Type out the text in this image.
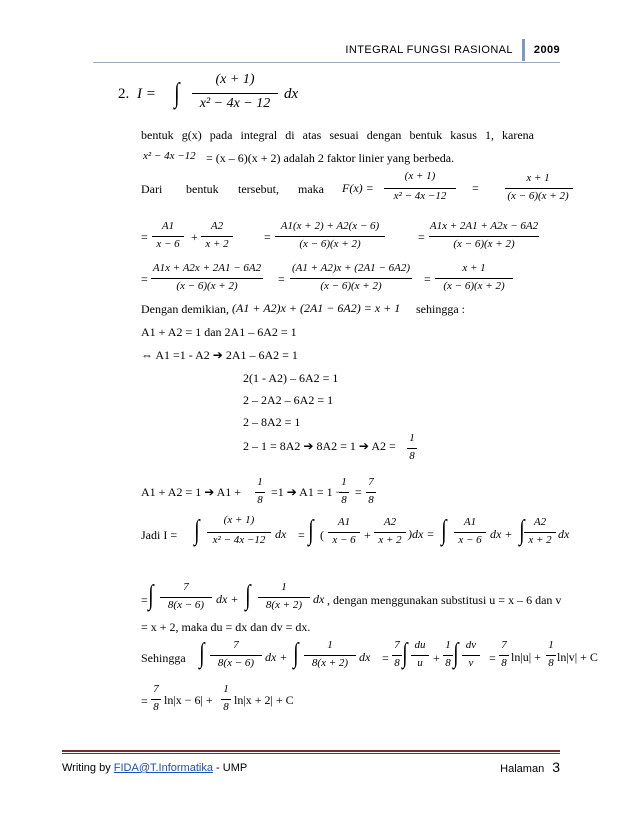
INTEGRAL FUNGSI RASIONAL 2009
2. I = ∫	(x + 1)
x² − 4x − 12
dx
bentuk g(x) pada integral di atas sesuai dengan bentuk kasus 1, karena
x² − 4x −12 = (x – 6)(x + 2) adalah 2 faktor linier yang berbeda.
Dari bentuk tersebut, maka F(x) =
(x + 1)
x² − 4x −12
=
x + 1
(x − 6)(x + 2)
=
A1
x − 6 +
A2
x + 2	=
A1(x + 2) + A2(x − 6)
(x − 6)(x + 2)	=
A1x + 2A1 + A2x − 6A2
(x − 6)(x + 2)
=
A1x + A2x + 2A1 − 6A2
(x − 6)(x + 2)	=
(A1 + A2)x + (2A1 − 6A2)
(x − 6)(x + 2)	=
x + 1
(x − 6)(x + 2)
Dengan demikian, (A1 + A2)x + (2A1 − 6A2) = x + 1 sehingga :
A1 + A2 = 1 dan 2A1 – 6A2 = 1
⇔ A1 =1 - A2 ➔ 2A1 – 6A2 = 1
2(1 - A2) – 6A2 = 1
2 – 2A2 – 6A2 = 1
2 – 8A2 = 1
2 – 1 = 8A2 ➔ 8A2 = 1 ➔ A2 =
1
8
A1 + A2 = 1 ➔ A1 +
1
8
=1 ➔ A1 = 1 −
1
8
=
7
8
Jadi I = ∫	(x + 1)
x² − 4x −12 dx = ∫ (
A1
x − 6 +
A2
x + 2 )dx = ∫	A1
x − 6 dx + ∫ A2
x + 2 dx
= ∫	7
8(x − 6) dx + ∫	1
8(x + 2) dx , dengan menggunakan substitusi u = x – 6 dan v
= x + 2, maka du = dx dan dv = dx.
Sehingga ∫	7
8(x − 6) dx + ∫	1
8(x + 2) dx =
7
8 ∫ du
u +
1
8 ∫ dv
v	=
7
8 ln|u| +
1
8 ln|v| + C
=
7
8 ln|x − 6| +
1
8 ln|x + 2| + C
Writing by FIDA@T.Informatika - UMP	Halaman 3
